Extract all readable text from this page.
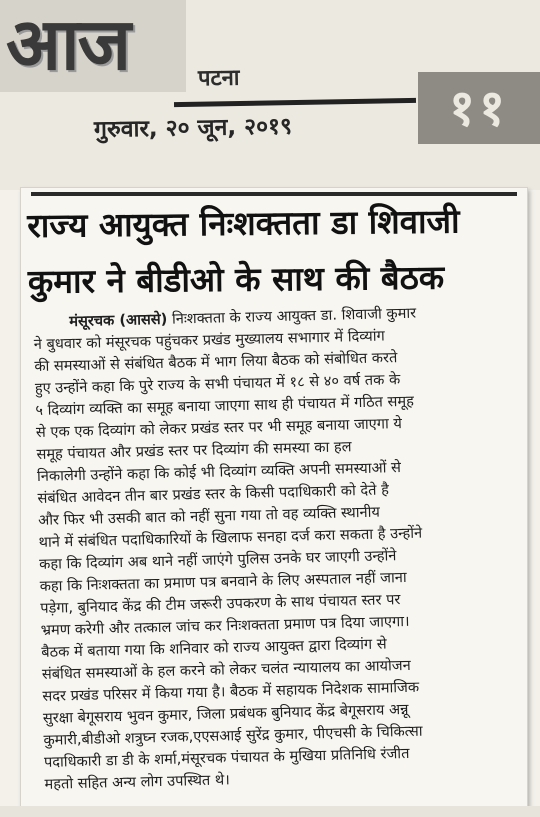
आज	पटना
११
गुरुवार, २० जून, २०१९
राज्य आयुक्त निःशक्तता डा शिवाजी
कुमार ने बीडीओ के साथ की बैठक
मंसूरचक (आससे) निःशक्तता के राज्य आयुक्त डा. शिवाजी कुमार
ने बुधवार को मंसूरचक पहुंचकर प्रखंड मुख्यालय सभागार में दिव्यांग
की समस्याओं से संबंधित बैठक में भाग लिया बैठक को संबोधित करते
हुए उन्होंने कहा कि पुरे राज्य के सभी पंचायत में १८ से ४० वर्ष तक के
५ दिव्यांग व्यक्ति का समूह बनाया जाएगा साथ ही पंचायत में गठित समूह
से एक एक दिव्यांग को लेकर प्रखंड स्तर पर भी समूह बनाया जाएगा ये
समूह पंचायत और प्रखंड स्तर पर दिव्यांग की समस्या का हल
निकालेगी उन्होंने कहा कि कोई भी दिव्यांग व्यक्ति अपनी समस्याओं से
संबंधित आवेदन तीन बार प्रखंड स्तर के किसी पदाधिकारी को देते है
और फिर भी उसकी बात को नहीं सुना गया तो वह व्यक्ति स्थानीय
थाने में संबंधित पदाधिकारियों के खिलाफ सनहा दर्ज करा सकता है उन्होंने
कहा कि दिव्यांग अब थाने नहीं जाएंगे पुलिस उनके घर जाएगी उन्होंने
कहा कि निःशक्तता का प्रमाण पत्र बनवाने के लिए अस्पताल नहीं जाना
पड़ेगा, बुनियाद केंद्र की टीम जरूरी उपकरण के साथ पंचायत स्तर पर
भ्रमण करेगी और तत्काल जांच कर निःशक्तता प्रमाण पत्र दिया जाएगा।
बैठक में बताया गया कि शनिवार को राज्य आयुक्त द्वारा दिव्यांग से
संबंधित समस्याओं के हल करने को लेकर चलंत न्यायालय का आयोजन
सदर प्रखंड परिसर में किया गया है। बैठक में सहायक निदेशक सामाजिक
सुरक्षा बेगूसराय भुवन कुमार, जिला प्रबंधक बुनियाद केंद्र बेगूसराय अन्नू
कुमारी,बीडीओ शत्रुघ्न रजक,एएसआई सुरेंद्र कुमार, पीएचसी के चिकित्सा
पदाधिकारी डा डी के शर्मा,मंसूरचक पंचायत के मुखिया प्रतिनिधि रंजीत
महतो सहित अन्य लोग उपस्थित थे।
